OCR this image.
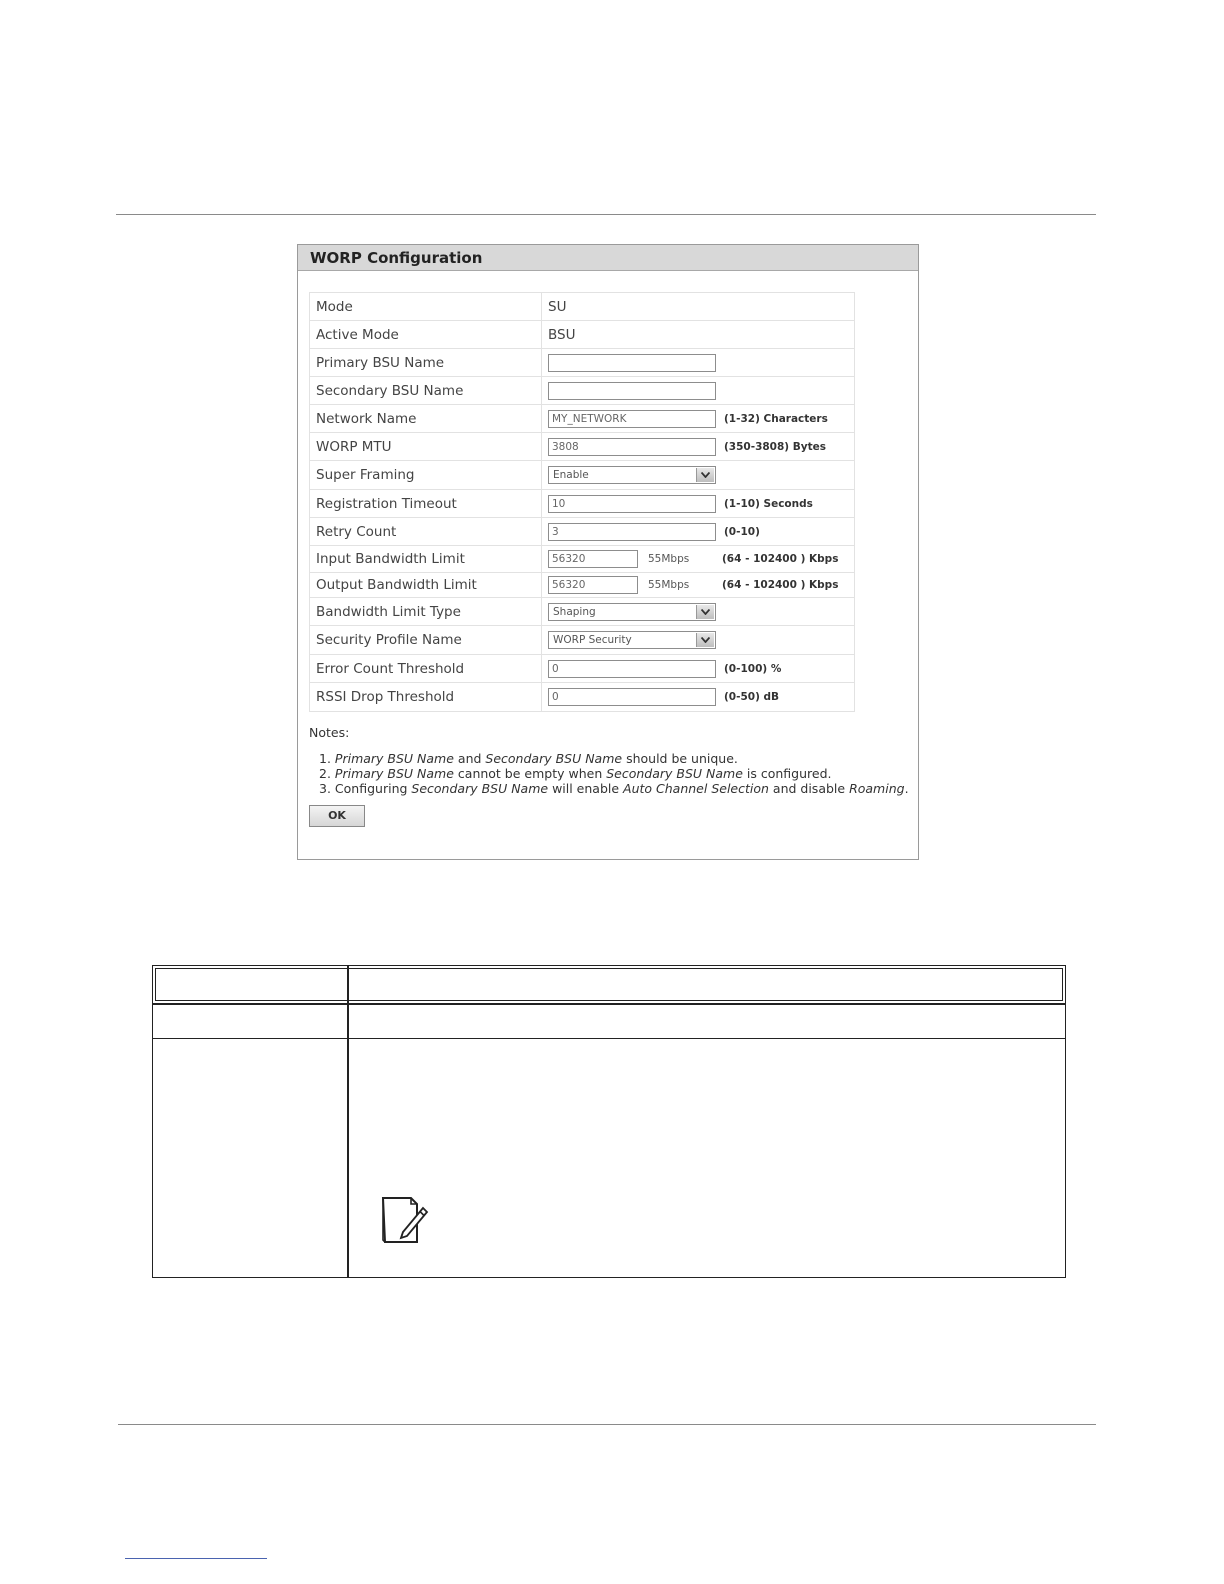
WORP Configuration
Mode	SU
Active Mode	BSU
Primary BSU Name
Secondary BSU Name
Network Name	MY_NETWORK	(1-32) Characters
WORP MTU	3808	(350-3808) Bytes
Super Framing	Enable
Registration Timeout	10	(1-10) Seconds
Retry Count	3	(0-10)
Input Bandwidth Limit	56320	55Mbps	(64 - 102400 ) Kbps
Output Bandwidth Limit	56320	55Mbps	(64 - 102400 ) Kbps
Bandwidth Limit Type	Shaping
Security Profile Name	WORP Security
Error Count Threshold	0	(0-100) %
RSSI Drop Threshold	0	(0-50) dB
Notes:
1. Primary BSU Name and Secondary BSU Name should be unique.
2. Primary BSU Name cannot be empty when Secondary BSU Name is configured.
3. Configuring Secondary BSU Name will enable Auto Channel Selection and disable Roaming.
OK
